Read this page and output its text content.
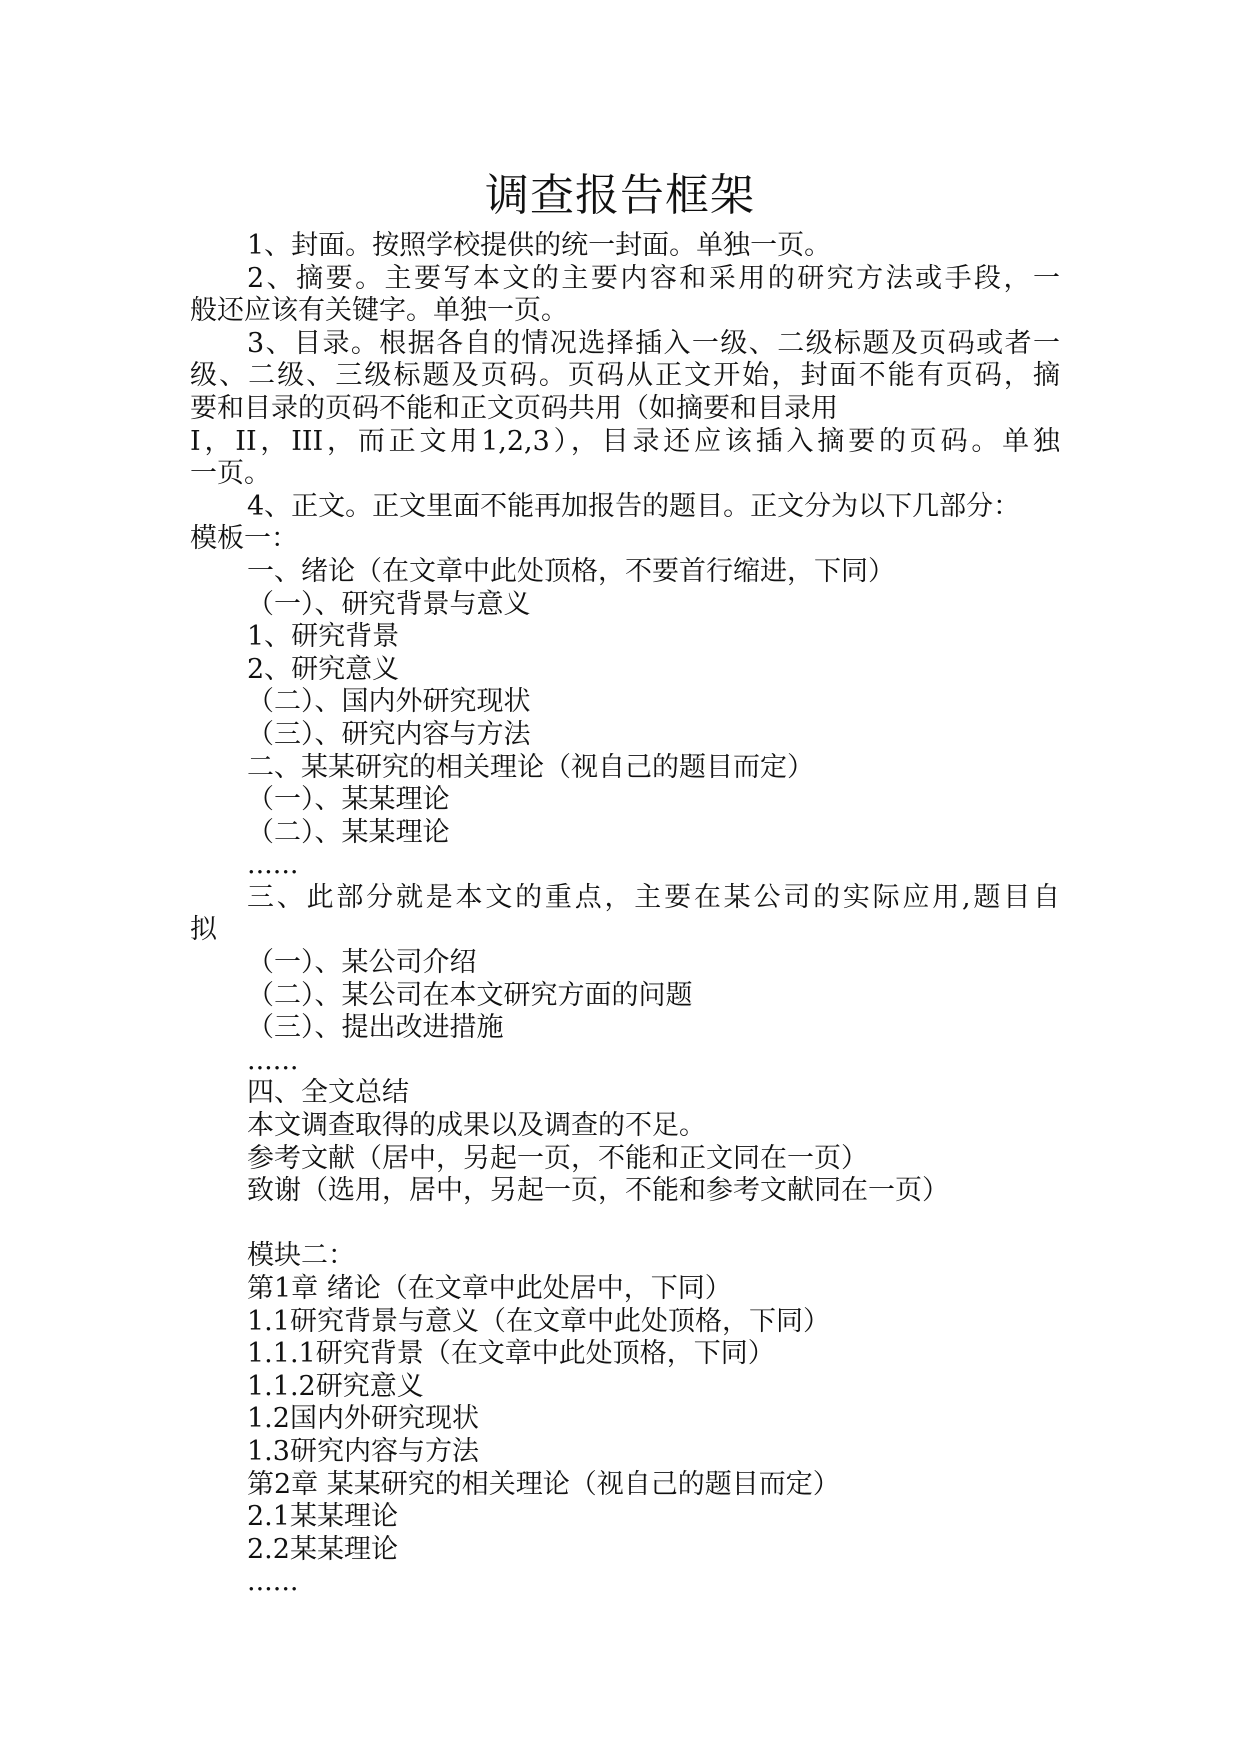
调查报告框架
1、封面。按照学校提供的统一封面。单独一页。
2、摘要。主要写本文的主要内容和采用的研究方法或手段，一
般还应该有关键字。单独一页。
3、目录。根据各自的情况选择插入一级、二级标题及页码或者一
级、二级、三级标题及页码。页码从正文开始，封面不能有页码，摘
要和目录的页码不能和正文页码共用（如摘要和目录用
I，II，III，而正文用1,2,3），目录还应该插入摘要的页码。单独
一页。
4、正文。正文里面不能再加报告的题目。正文分为以下几部分：
模板一：
一、绪论（在文章中此处顶格，不要首行缩进，下同）
（一）、研究背景与意义
1、研究背景
2、研究意义
（二）、国内外研究现状
（三）、研究内容与方法
二、某某研究的相关理论（视自己的题目而定）
（一）、某某理论
（二）、某某理论
......
三、此部分就是本文的重点，主要在某公司的实际应用,题目自
拟
（一）、某公司介绍
（二）、某公司在本文研究方面的问题
（三）、提出改进措施
......
四、全文总结
本文调查取得的成果以及调查的不足。
参考文献（居中，另起一页，不能和正文同在一页）
致谢（选用，居中，另起一页，不能和参考文献同在一页）
模块二：
第1章 绪论（在文章中此处居中，下同）
1.1研究背景与意义（在文章中此处顶格，下同）
1.1.1研究背景（在文章中此处顶格，下同）
1.1.2研究意义
1.2国内外研究现状
1.3研究内容与方法
第2章 某某研究的相关理论（视自己的题目而定）
2.1某某理论
2.2某某理论
......
